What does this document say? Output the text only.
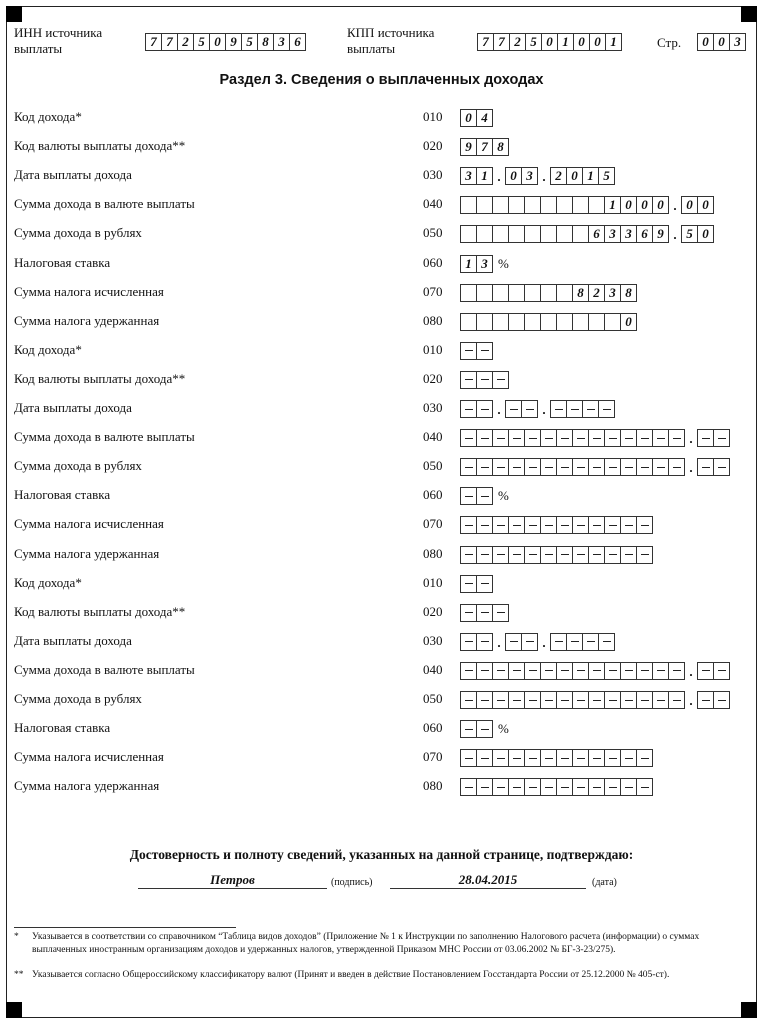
ИНН источника выплаты	7 7 2 5 0 9 5 8 3 6
КПП источника выплаты	7 7 2 5 0 1 0 0 1	Стр.	0 0 3
Раздел 3. Сведения о выплаченных доходах
Код дохода*	010	0 4
Код валюты выплаты дохода**	020	9 7 8
Дата выплаты дохода	030	3 1 . 0 3 . 2 0 1 5
Сумма дохода в валюте выплаты	040	1 0 0 0 . 0 0
Сумма дохода в рублях	050	6 3 3 6 9 . 5 0
Налоговая ставка	060	1 3 %
Сумма налога исчисленная	070	8 2 3 8
Сумма налога удержанная	080	0
Код дохода*	010
Код валюты выплаты дохода**	020
Дата выплаты дохода	030	.	.
Сумма дохода в валюте выплаты	040	.
Сумма дохода в рублях	050	.
Налоговая ставка	060	%
Сумма налога исчисленная	070
Сумма налога удержанная	080
Код дохода*	010
Код валюты выплаты дохода**	020
Дата выплаты дохода	030	.	.
Сумма дохода в валюте выплаты	040	.
Сумма дохода в рублях	050	.
Налоговая ставка	060	%
Сумма налога исчисленная	070
Сумма налога удержанная	080
Достоверность и полноту сведений, указанных на данной странице, подтверждаю:
Петров	(подпись)	28.04.2015	(дата)
* Указывается в соответствии со справочником “Таблица видов доходов” (Приложение № 1 к Инструкции по заполнению Налогового расчета (информации) о суммах выплаченных иностранным организациям доходов и удержанных налогов, утвержденной Приказом МНС России от 03.06.2002 № БГ-3-23/275).
** Указывается согласно Общероссийскому классификатору валют (Принят и введен в действие Постановлением Госстандарта России от 25.12.2000 № 405-ст).
